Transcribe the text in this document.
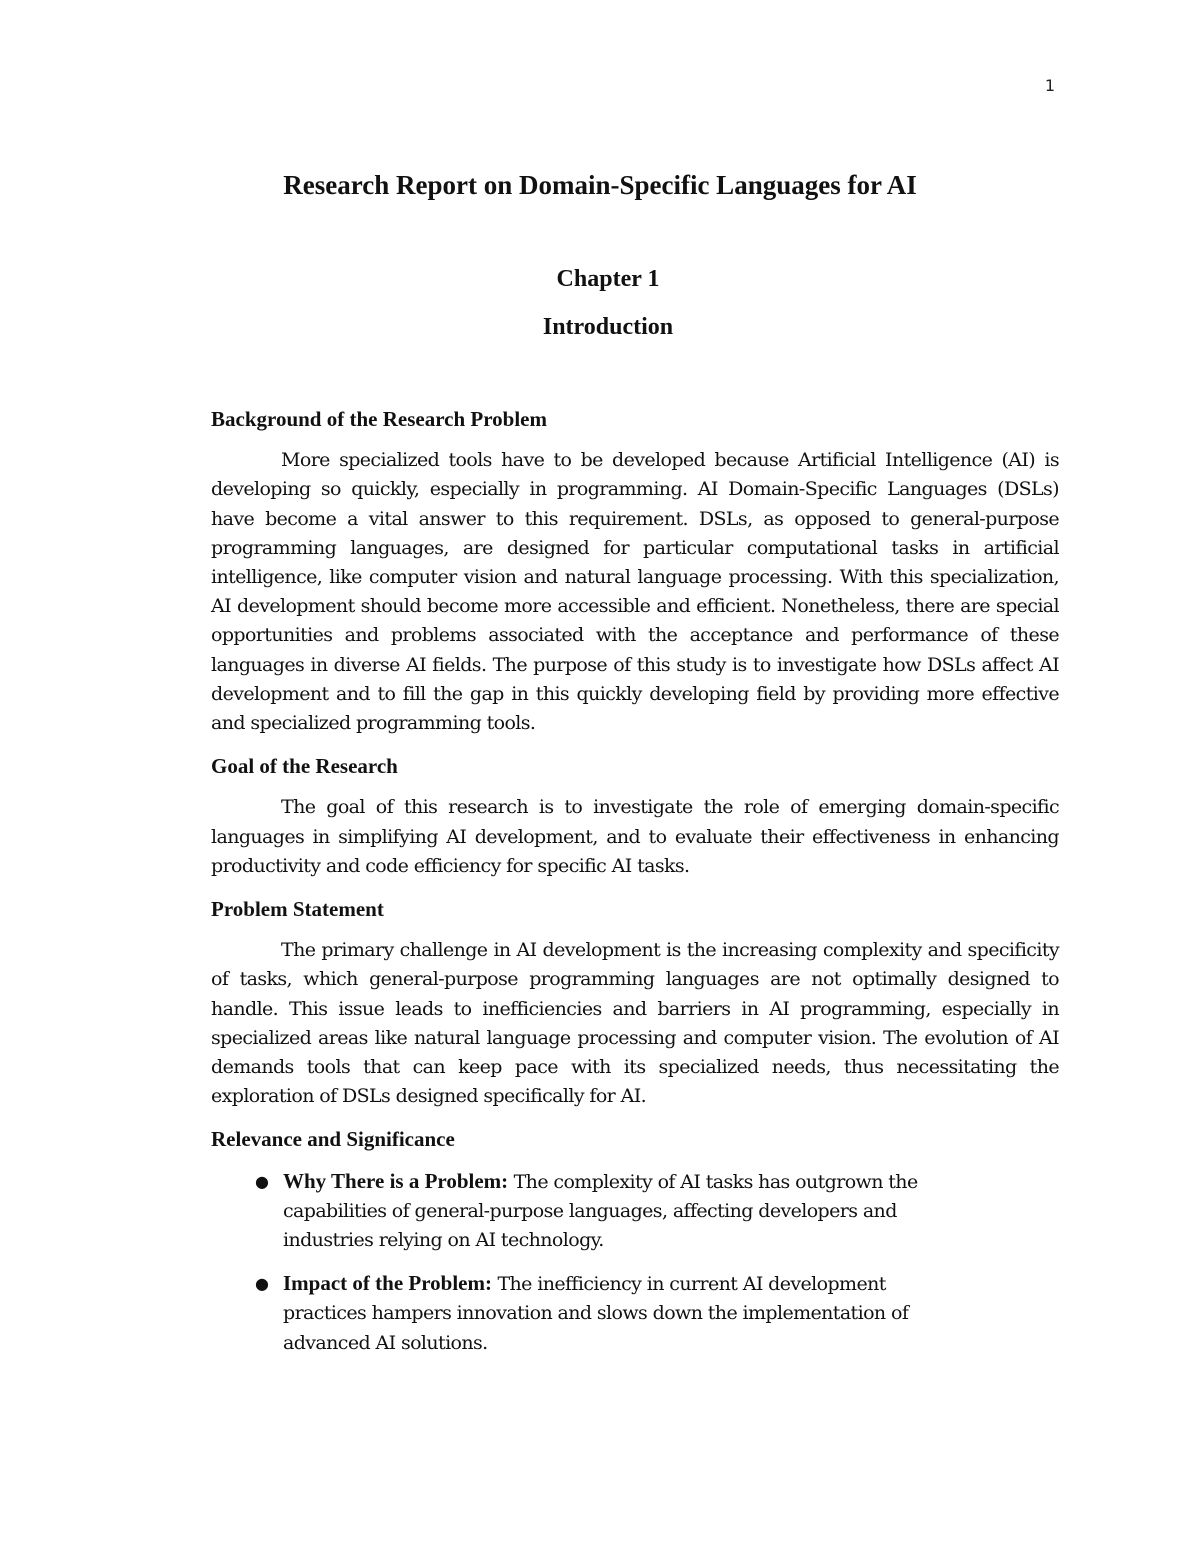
1
Research Report on Domain-Specific Languages for AI
Chapter 1
Introduction
Background of the Research Problem

More specialized tools have to be developed because Artificial Intelligence (AI) is developing so quickly, especially in programming. AI Domain-Specific Languages (DSLs) have become a vital answer to this requirement. DSLs, as opposed to general-purpose programming languages, are designed for particular computational tasks in artificial intelligence, like computer vision and natural language processing. With this specialization, AI development should become more accessible and efficient. Nonetheless, there are special opportunities and problems associated with the acceptance and performance of these languages in diverse AI fields. The purpose of this study is to investigate how DSLs affect AI development and to fill the gap in this quickly developing field by providing more effective and specialized programming tools.

Goal of the Research

The goal of this research is to investigate the role of emerging domain-specific languages in simplifying AI development, and to evaluate their effectiveness in enhancing productivity and code efficiency for specific AI tasks.

Problem Statement

The primary challenge in AI development is the increasing complexity and specificity of tasks, which general-purpose programming languages are not optimally designed to handle. This issue leads to inefficiencies and barriers in AI programming, especially in specialized areas like natural language processing and computer vision. The evolution of AI demands tools that can keep pace with its specialized needs, thus necessitating the exploration of DSLs designed specifically for AI.

Relevance and Significance
● Why There is a Problem: The complexity of AI tasks has outgrown the capabilities of general-purpose languages, affecting developers and industries relying on AI technology.
● Impact of the Problem: The inefficiency in current AI development practices hampers innovation and slows down the implementation of advanced AI solutions.
